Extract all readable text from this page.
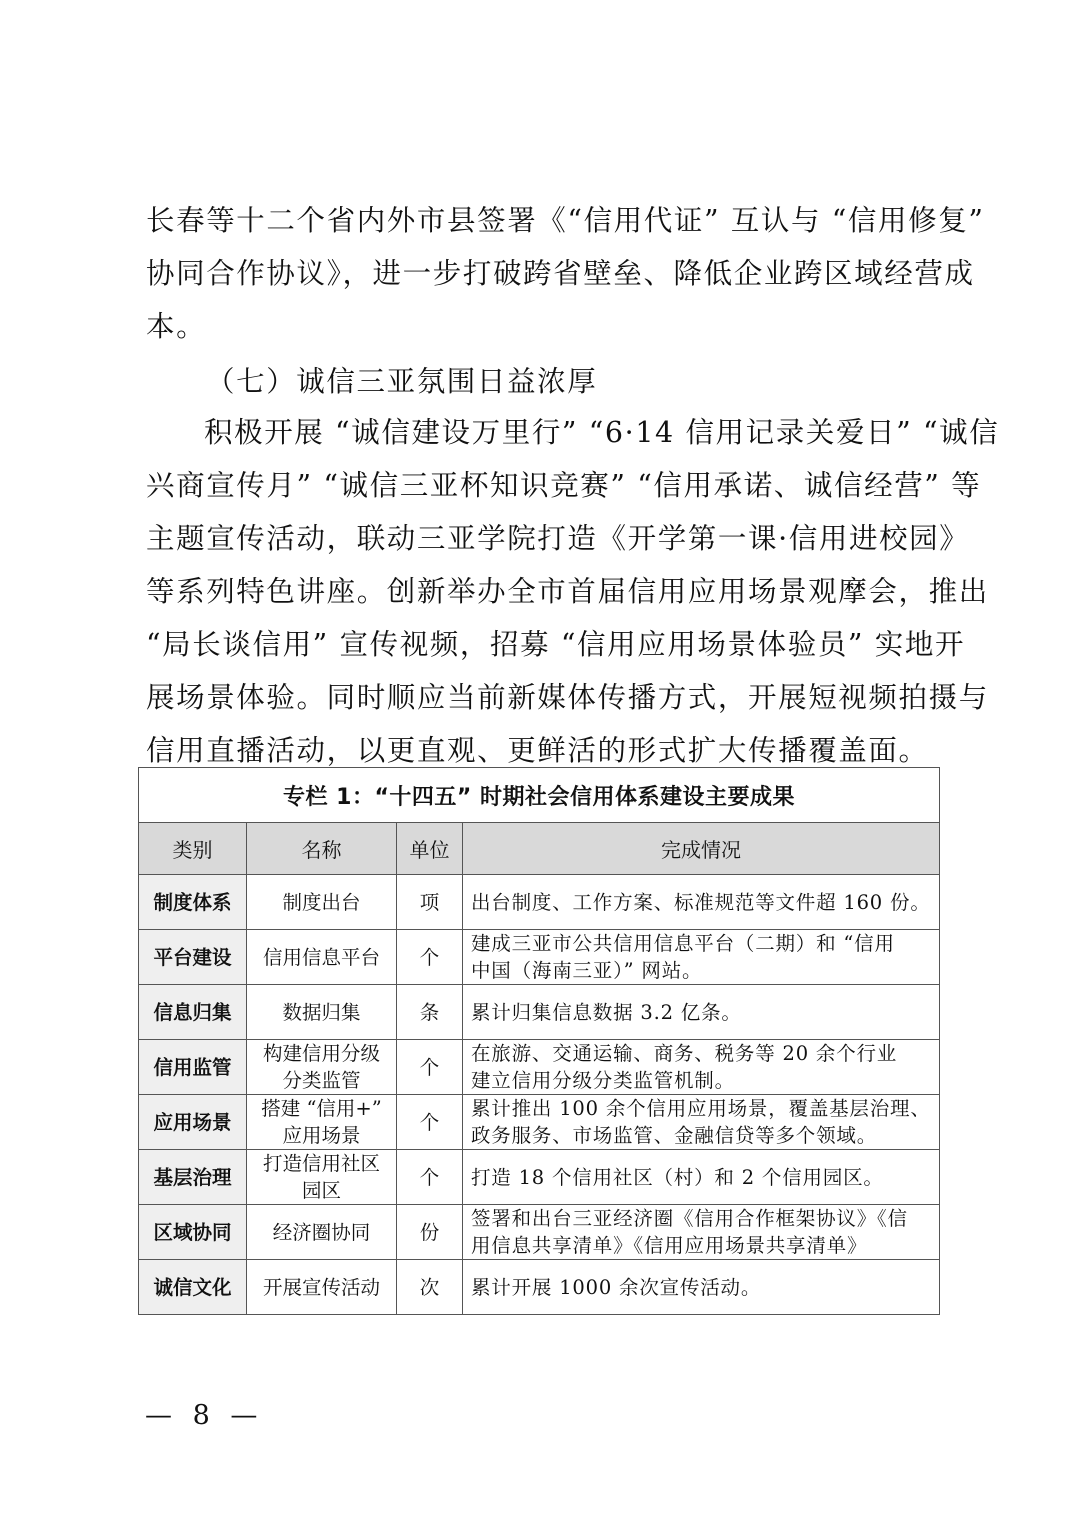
长春等十二个省内外市县签署《“信用代证” 互认与 “信用修复”
协同合作协议》，进一步打破跨省壁垒、降低企业跨区域经营成
本。

（七）诚信三亚氛围日益浓厚

积极开展 “诚信建设万里行” “6·14 信用记录关爱日” “诚信
兴商宣传月” “诚信三亚杯知识竞赛” “信用承诺、诚信经营” 等
主题宣传活动，联动三亚学院打造《开学第一课·信用进校园》
等系列特色讲座。创新举办全市首届信用应用场景观摩会，推出
“局长谈信用” 宣传视频，招募 “信用应用场景体验员” 实地开
展场景体验。同时顺应当前新媒体传播方式，开展短视频拍摄与
信用直播活动，以更直观、更鲜活的形式扩大传播覆盖面。

专栏 1：“十四五” 时期社会信用体系建设主要成果			
类别	名称	单位	完成情况
制度体系	制度出台	项	出台制度、工作方案、标准规范等文件超 160 份。

平台建设	信用信息平台	个	建成三亚市公共信用信息平台（二期）和 “信用
中国（海南三亚）” 网站。

信息归集	数据归集	条	累计归集信息数据 3.2 亿条。

信用监管	构建信用分级
分类监管	个	在旅游、交通运输、商务、税务等 20 余个行业
建立信用分级分类监管机制。

应用场景	搭建 “信用+”
应用场景	个	累计推出 100 余个信用应用场景，覆盖基层治理、
政务服务、市场监管、金融信贷等多个领域。

基层治理	打造信用社区
园区	个	打造 18 个信用社区（村）和 2 个信用园区。

区域协同	经济圈协同	份	签署和出台三亚经济圈《信用合作框架协议》《信
用信息共享清单》《信用应用场景共享清单》

诚信文化	开展宣传活动	次	累计开展 1000 余次宣传活动。
— 8 —
